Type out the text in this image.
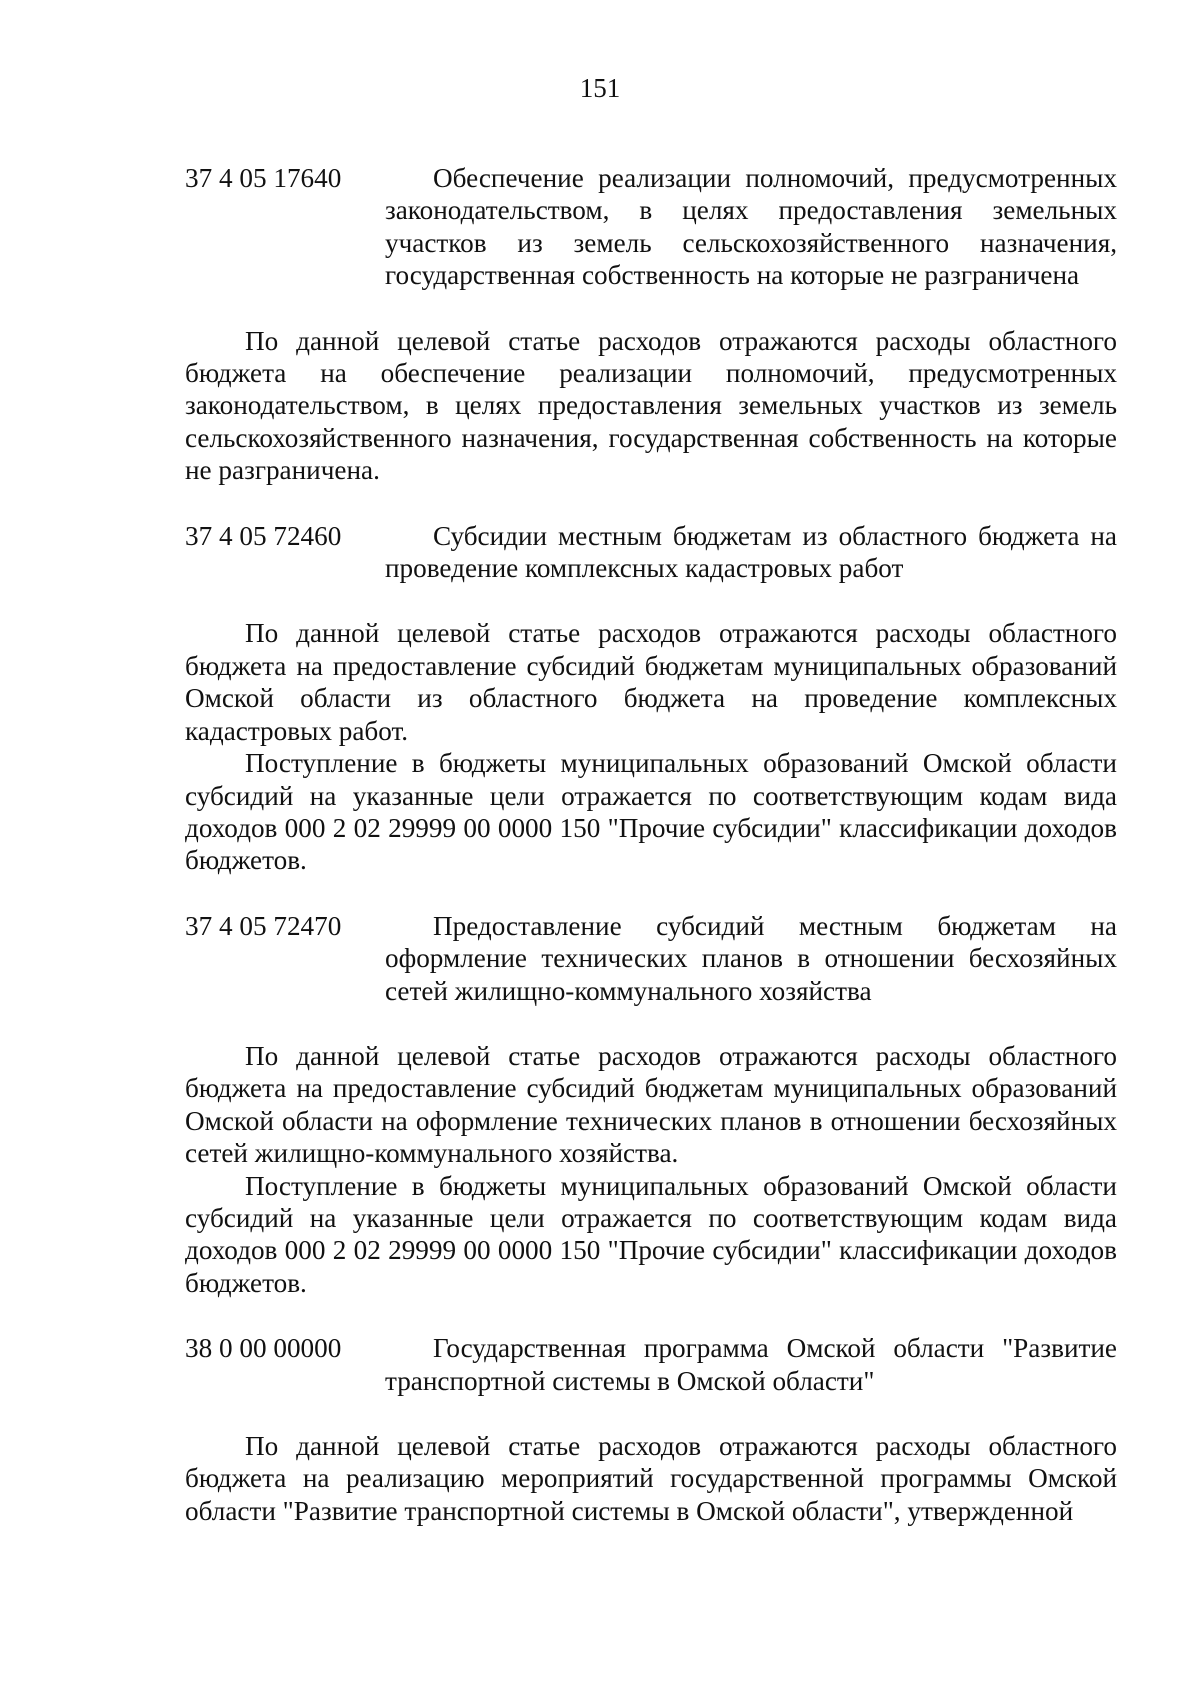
151
37 4 05 17640	Обеспечение реализации полномочий, предусмотренных законодательством, в целях предоставления земельных участков из земель сельскохозяйственного назначения, государственная собственность на которые не разграничена

По данной целевой статье расходов отражаются расходы областного бюджета на обеспечение реализации полномочий, предусмотренных законодательством, в целях предоставления земельных участков из земель сельскохозяйственного назначения, государственная собственность на которые не разграничена.

37 4 05 72460	Субсидии местным бюджетам из областного бюджета на проведение комплексных кадастровых работ

По данной целевой статье расходов отражаются расходы областного бюджета на предоставление субсидий бюджетам муниципальных образований Омской области из областного бюджета на проведение комплексных кадастровых работ.

Поступление в бюджеты муниципальных образований Омской области субсидий на указанные цели отражается по соответствующим кодам вида доходов 000 2 02 29999 00 0000 150 "Прочие субсидии" классификации доходов бюджетов.

37 4 05 72470	Предоставление субсидий местным бюджетам на оформление технических планов в отношении бесхозяйных сетей жилищно-коммунального хозяйства

По данной целевой статье расходов отражаются расходы областного бюджета на предоставление субсидий бюджетам муниципальных образований Омской области на оформление технических планов в отношении бесхозяйных сетей жилищно-коммунального хозяйства.

Поступление в бюджеты муниципальных образований Омской области субсидий на указанные цели отражается по соответствующим кодам вида доходов 000 2 02 29999 00 0000 150 "Прочие субсидии" классификации доходов бюджетов.

38 0 00 00000	Государственная программа Омской области "Развитие транспортной системы в Омской области"

По данной целевой статье расходов отражаются расходы областного бюджета на реализацию мероприятий государственной программы Омской области "Развитие транспортной системы в Омской области", утвержденной
